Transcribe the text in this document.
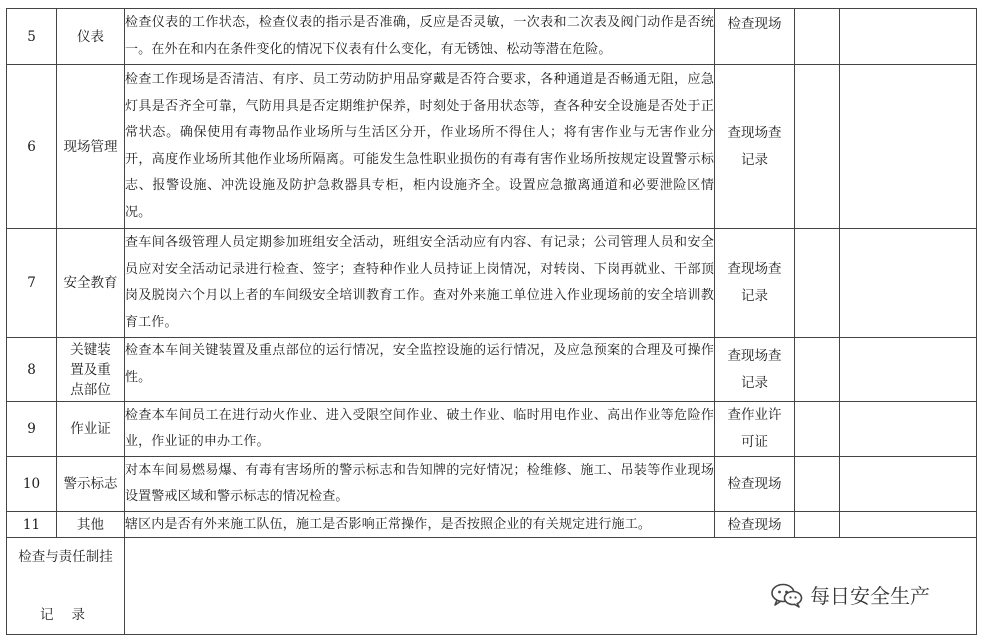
5	仪表	检查仪表的工作状态，检查仪表的指示是否准确，反应是否灵敏，一次表和二次表及阀门动作是否统一。在外在和内在条件变化的情况下仪表有什么变化，有无锈蚀、松动等潜在危险。	检查现场		
6	现场管理	检查工作现场是否清洁、有序、员工劳动防护用品穿戴是否符合要求，各种通道是否畅通无阻，应急灯具是否齐全可靠，气防用具是否定期维护保养，时刻处于备用状态等，查各种安全设施是否处于正常状态。确保使用有毒物品作业场所与生活区分开，作业场所不得住人；将有害作业与无害作业分开，高度作业场所其他作业场所隔离。可能发生急性职业损伤的有毒有害作业场所按规定设置警示标志、报警设施、冲洗设施及防护急救器具专柜，柜内设施齐全。设置应急撤离通道和必要泄险区情况。	查现场查记录		
7	安全教育	查车间各级管理人员定期参加班组安全活动，班组安全活动应有内容、有记录；公司管理人员和安全员应对安全活动记录进行检查、签字；查特种作业人员持证上岗情况，对转岗、下岗再就业、干部顶岗及脱岗六个月以上者的车间级安全培训教育工作。查对外来施工单位进入作业现场前的安全培训教育工作。	查现场查记录		
8	关键装置及重点部位	检查本车间关键装置及重点部位的运行情况，安全监控设施的运行情况，及应急预案的合理及可操作性。	查现场查记录		
9	作业证	检查本车间员工在进行动火作业、进入受限空间作业、破土作业、临时用电作业、高出作业等危险作业，作业证的申办工作。	查作业许可证		
10	警示标志	对本车间易燃易爆、有毒有害场所的警示标志和告知牌的完好情况；检维修、施工、吊装等作业现场设置警戒区域和警示标志的情况检查。	检查现场		
11	其他	辖区内是否有外来施工队伍，施工是否影响正常操作，是否按照企业的有关规定进行施工。	检查现场		

检查与责任制挂
记录					

每日安全生产
